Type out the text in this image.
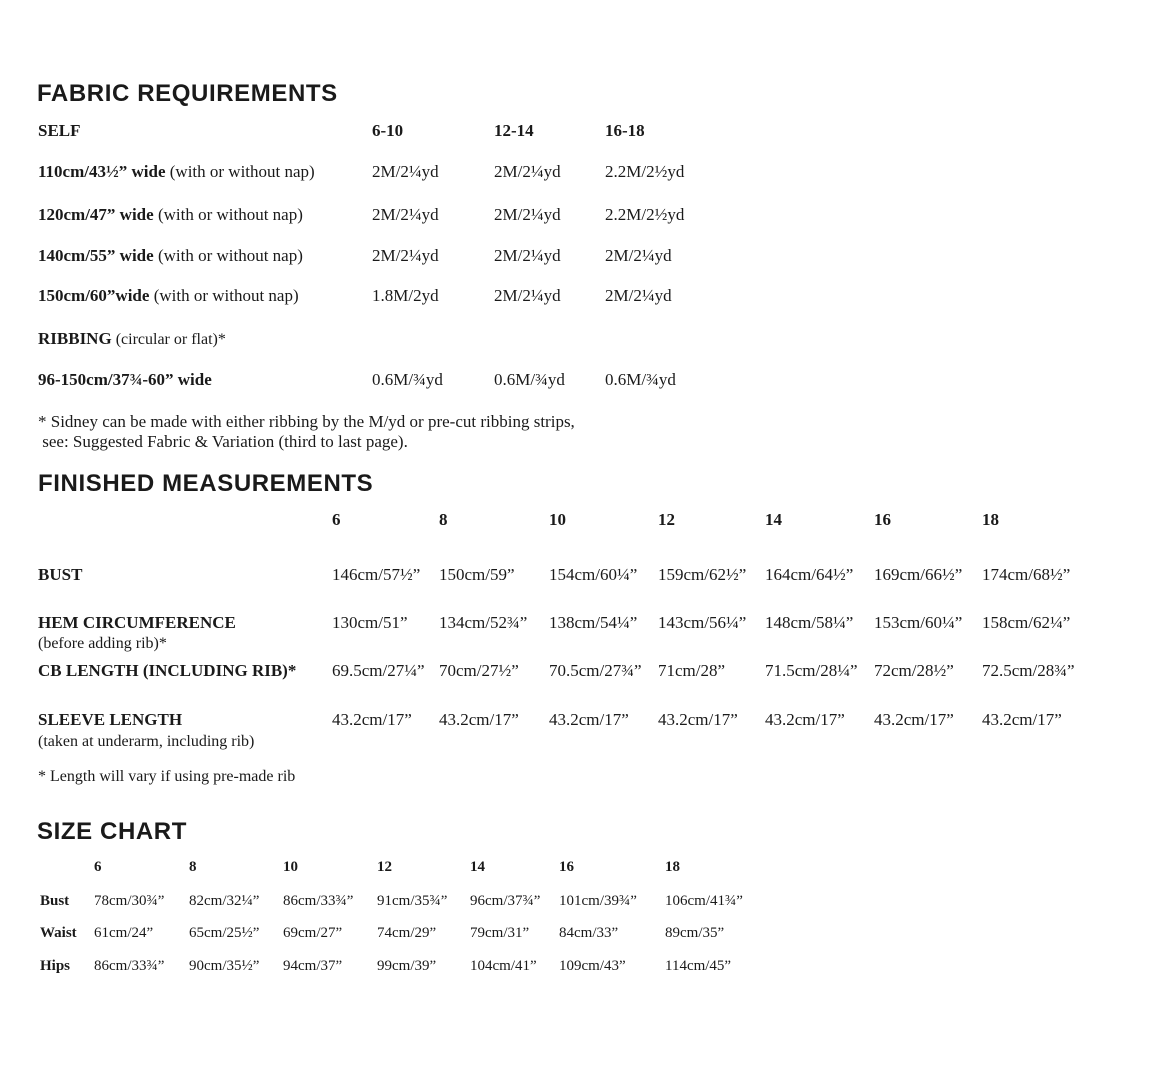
FABRIC REQUIREMENTS
SELF	6-10	12-14	16-18
110cm/43½” wide (with or without nap)	2M/2¼yd	2M/2¼yd	2.2M/2½yd
120cm/47” wide (with or without nap)	2M/2¼yd	2M/2¼yd	2.2M/2½yd
140cm/55” wide (with or without nap)	2M/2¼yd	2M/2¼yd	2M/2¼yd
150cm/60”wide (with or without nap)	1.8M/2yd	2M/2¼yd	2M/2¼yd
RIBBING (circular or flat)*
96-150cm/37¾-60” wide	0.6M/¾yd	0.6M/¾yd 0.6M/¾yd
* Sidney can be made with either ribbing by the M/yd or pre-cut ribbing strips,
see: Suggested Fabric & Variation (third to last page).
FINISHED MEASUREMENTS
6	8	10	12	14	16	18
BUST	146cm/57½” 150cm/59” 154cm/60¼” 159cm/62½” 164cm/64½” 169cm/66½” 174cm/68½”
HEM CIRCUMFERENCE
(before adding rib)*
130cm/51” 134cm/52¾” 138cm/54¼” 143cm/56¼” 148cm/58¼” 153cm/60¼” 158cm/62¼”
CB LENGTH (INCLUDING RIB)* 69.5cm/27¼” 70cm/27½” 70.5cm/27¾” 71cm/28” 71.5cm/28¼” 72cm/28½” 72.5cm/28¾”
SLEEVE LENGTH
(taken at underarm, including rib)
43.2cm/17” 43.2cm/17” 43.2cm/17” 43.2cm/17” 43.2cm/17” 43.2cm/17” 43.2cm/17”
* Length will vary if using pre-made rib
SIZE CHART
6	8	10	12	14	16	18
Bust 78cm/30¾” 82cm/32¼” 86cm/33¾” 91cm/35¾” 96cm/37¾” 101cm/39¾” 106cm/41¾”
Waist 61cm/24” 65cm/25½” 69cm/27” 74cm/29” 79cm/31” 84cm/33”	89cm/35”
Hips 86cm/33¾” 90cm/35½” 94cm/37” 99cm/39” 104cm/41” 109cm/43”	114cm/45”
